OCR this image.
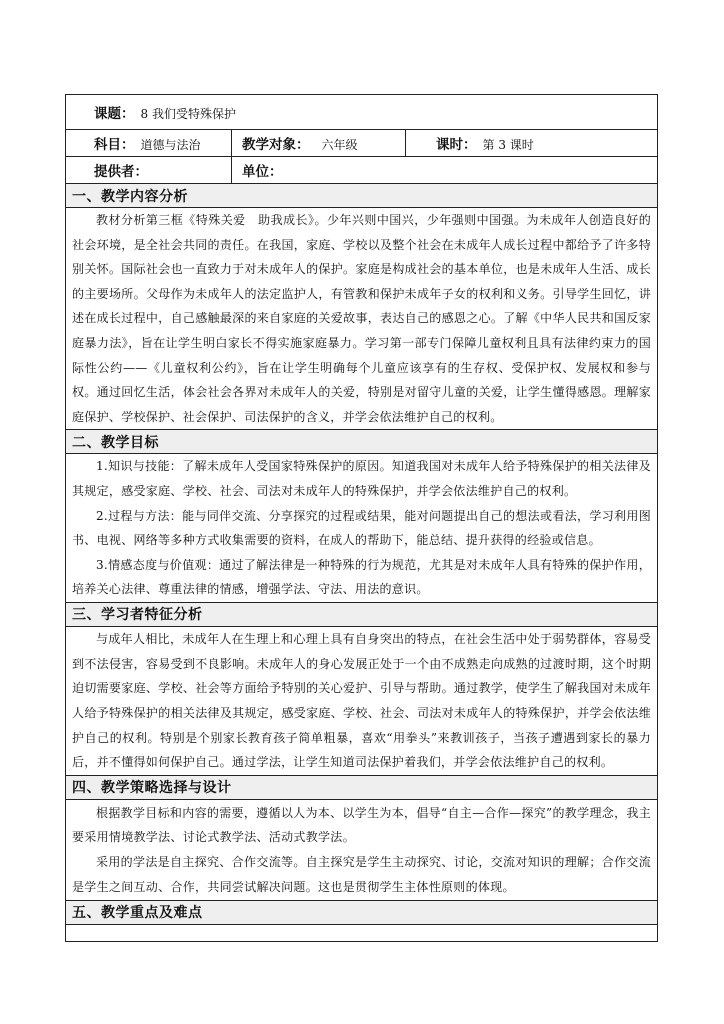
课题： 8 我们受特殊保护		
科目： 道德与法治	教学对象： 六年级	课时： 第 3 课时
提供者：	单位：	
一、教学内容分析		

教材分析第三框《特殊关爱　助我成长》。少年兴则中国兴，少年强则中国强。为未成年人创造良好的社会环境，是全社会共同的责任。在我国，家庭、学校以及整个社会在未成年人成长过程中都给予了许多特别关怀。国际社会也一直致力于对未成年人的保护。家庭是构成社会的基本单位，也是未成年人生活、成长的主要场所。父母作为未成年人的法定监护人，有管教和保护未成年子女的权利和义务。引导学生回忆，讲述在成长过程中，自己感触最深的来自家庭的关爱故事，表达自己的感恩之心。了解《中华人民共和国反家庭暴力法》，旨在让学生明白家长不得实施家庭暴力。学习第一部专门保障儿童权利且具有法律约束力的国际性公约——《儿童权利公约》，旨在让学生明确每个儿童应该享有的生存权、受保护权、发展权和参与权。通过回忆生活，体会社会各界对未成年人的关爱，特别是对留守儿童的关爱，让学生懂得感恩。理解家庭保护、学校保护、社会保护、司法保护的含义，并学会依法维护自己的权利。		

二、教学目标		

1.知识与技能：了解未成年人受国家特殊保护的原因。知道我国对未成年人给予特殊保护的相关法律及其规定，感受家庭、学校、社会、司法对未成年人的特殊保护，并学会依法维护自己的权利。

2.过程与方法：能与同伴交流、分享探究的过程或结果，能对问题提出自己的想法或看法，学习利用图书、电视、网络等多种方式收集需要的资料，在成人的帮助下，能总结、提升获得的经验或信息。

3.情感态度与价值观：通过了解法律是一种特殊的行为规范，尤其是对未成年人具有特殊的保护作用，培养关心法律、尊重法律的情感，增强学法、守法、用法的意识。		

三、学习者特征分析		

与成年人相比，未成年人在生理上和心理上具有自身突出的特点，在社会生活中处于弱势群体，容易受到不法侵害，容易受到不良影响。未成年人的身心发展正处于一个由不成熟走向成熟的过渡时期，这个时期迫切需要家庭、学校、社会等方面给予特别的关心爱护、引导与帮助。通过教学，使学生了解我国对未成年人给予特殊保护的相关法律及其规定，感受家庭、学校、社会、司法对未成年人的特殊保护，并学会依法维护自己的权利。特别是个别家长教育孩子简单粗暴，喜欢“用拳头”来教训孩子，当孩子遭遇到家长的暴力后，并不懂得如何保护自己。通过学法，让学生知道司法保护着我们，并学会依法维护自己的权利。		

四、教学策略选择与设计		

根据教学目标和内容的需要，遵循以人为本、以学生为本，倡导“自主—合作—探究”的教学理念，我主要采用情境教学法、讨论式教学法、活动式教学法。

采用的学法是自主探究、合作交流等。自主探究是学生主动探究、讨论，交流对知识的理解；合作交流是学生之间互动、合作，共同尝试解决问题。这也是贯彻学生主体性原则的体现。		

五、教学重点及难点		
